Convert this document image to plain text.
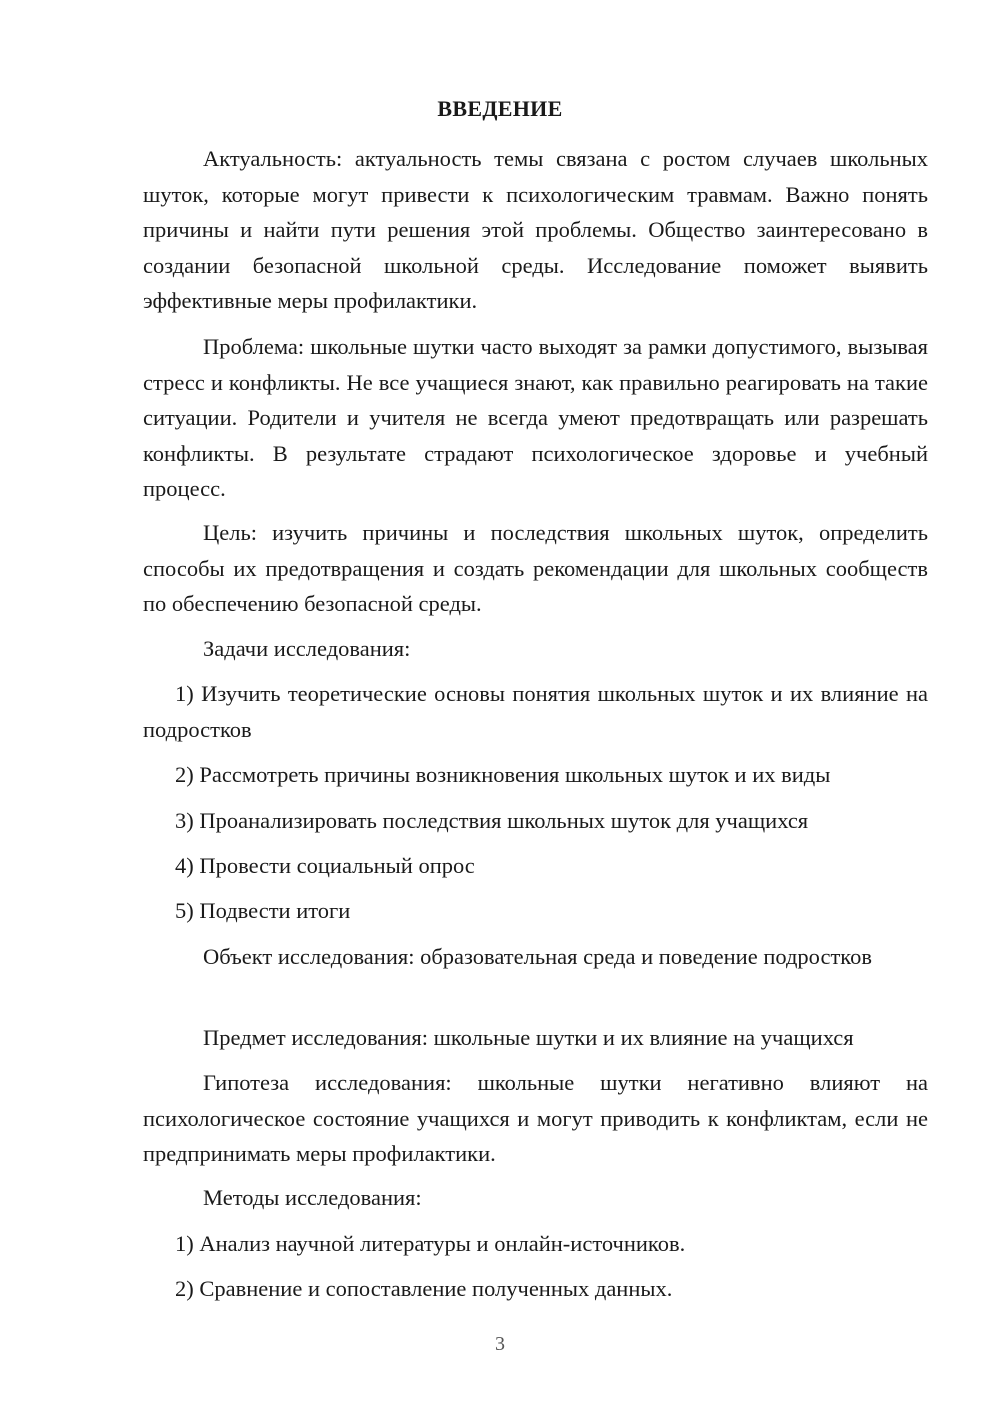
ВВЕДЕНИЕ
Актуальность: актуальность темы связана с ростом случаев школьных шуток, которые могут привести к психологическим травмам. Важно понять причины и найти пути решения этой проблемы. Общество заинтересовано в создании безопасной школьной среды. Исследование поможет выявить эффективные меры профилактики.
Проблема: школьные шутки часто выходят за рамки допустимого, вызывая стресс и конфликты. Не все учащиеся знают, как правильно реагировать на такие ситуации. Родители и учителя не всегда умеют предотвращать или разрешать конфликты. В результате страдают психологическое здоровье и учебный процесс.
Цель: изучить причины и последствия школьных шуток, определить способы их предотвращения и создать рекомендации для школьных сообществ по обеспечению безопасной среды.
Задачи исследования:
1) Изучить теоретические основы понятия школьных шуток и их влияние на подростков
2) Рассмотреть причины возникновения школьных шуток и их виды
3) Проанализировать последствия школьных шуток для учащихся
4) Провести социальный опрос
5) Подвести итоги
Объект исследования: образовательная среда и поведение подростков
Предмет исследования: школьные шутки и их влияние на учащихся
Гипотеза исследования: школьные шутки негативно влияют на психологическое состояние учащихся и могут приводить к конфликтам, если не предпринимать меры профилактики.
Методы исследования:
1) Анализ научной литературы и онлайн-источников.
2) Сравнение и сопоставление полученных данных.
3
